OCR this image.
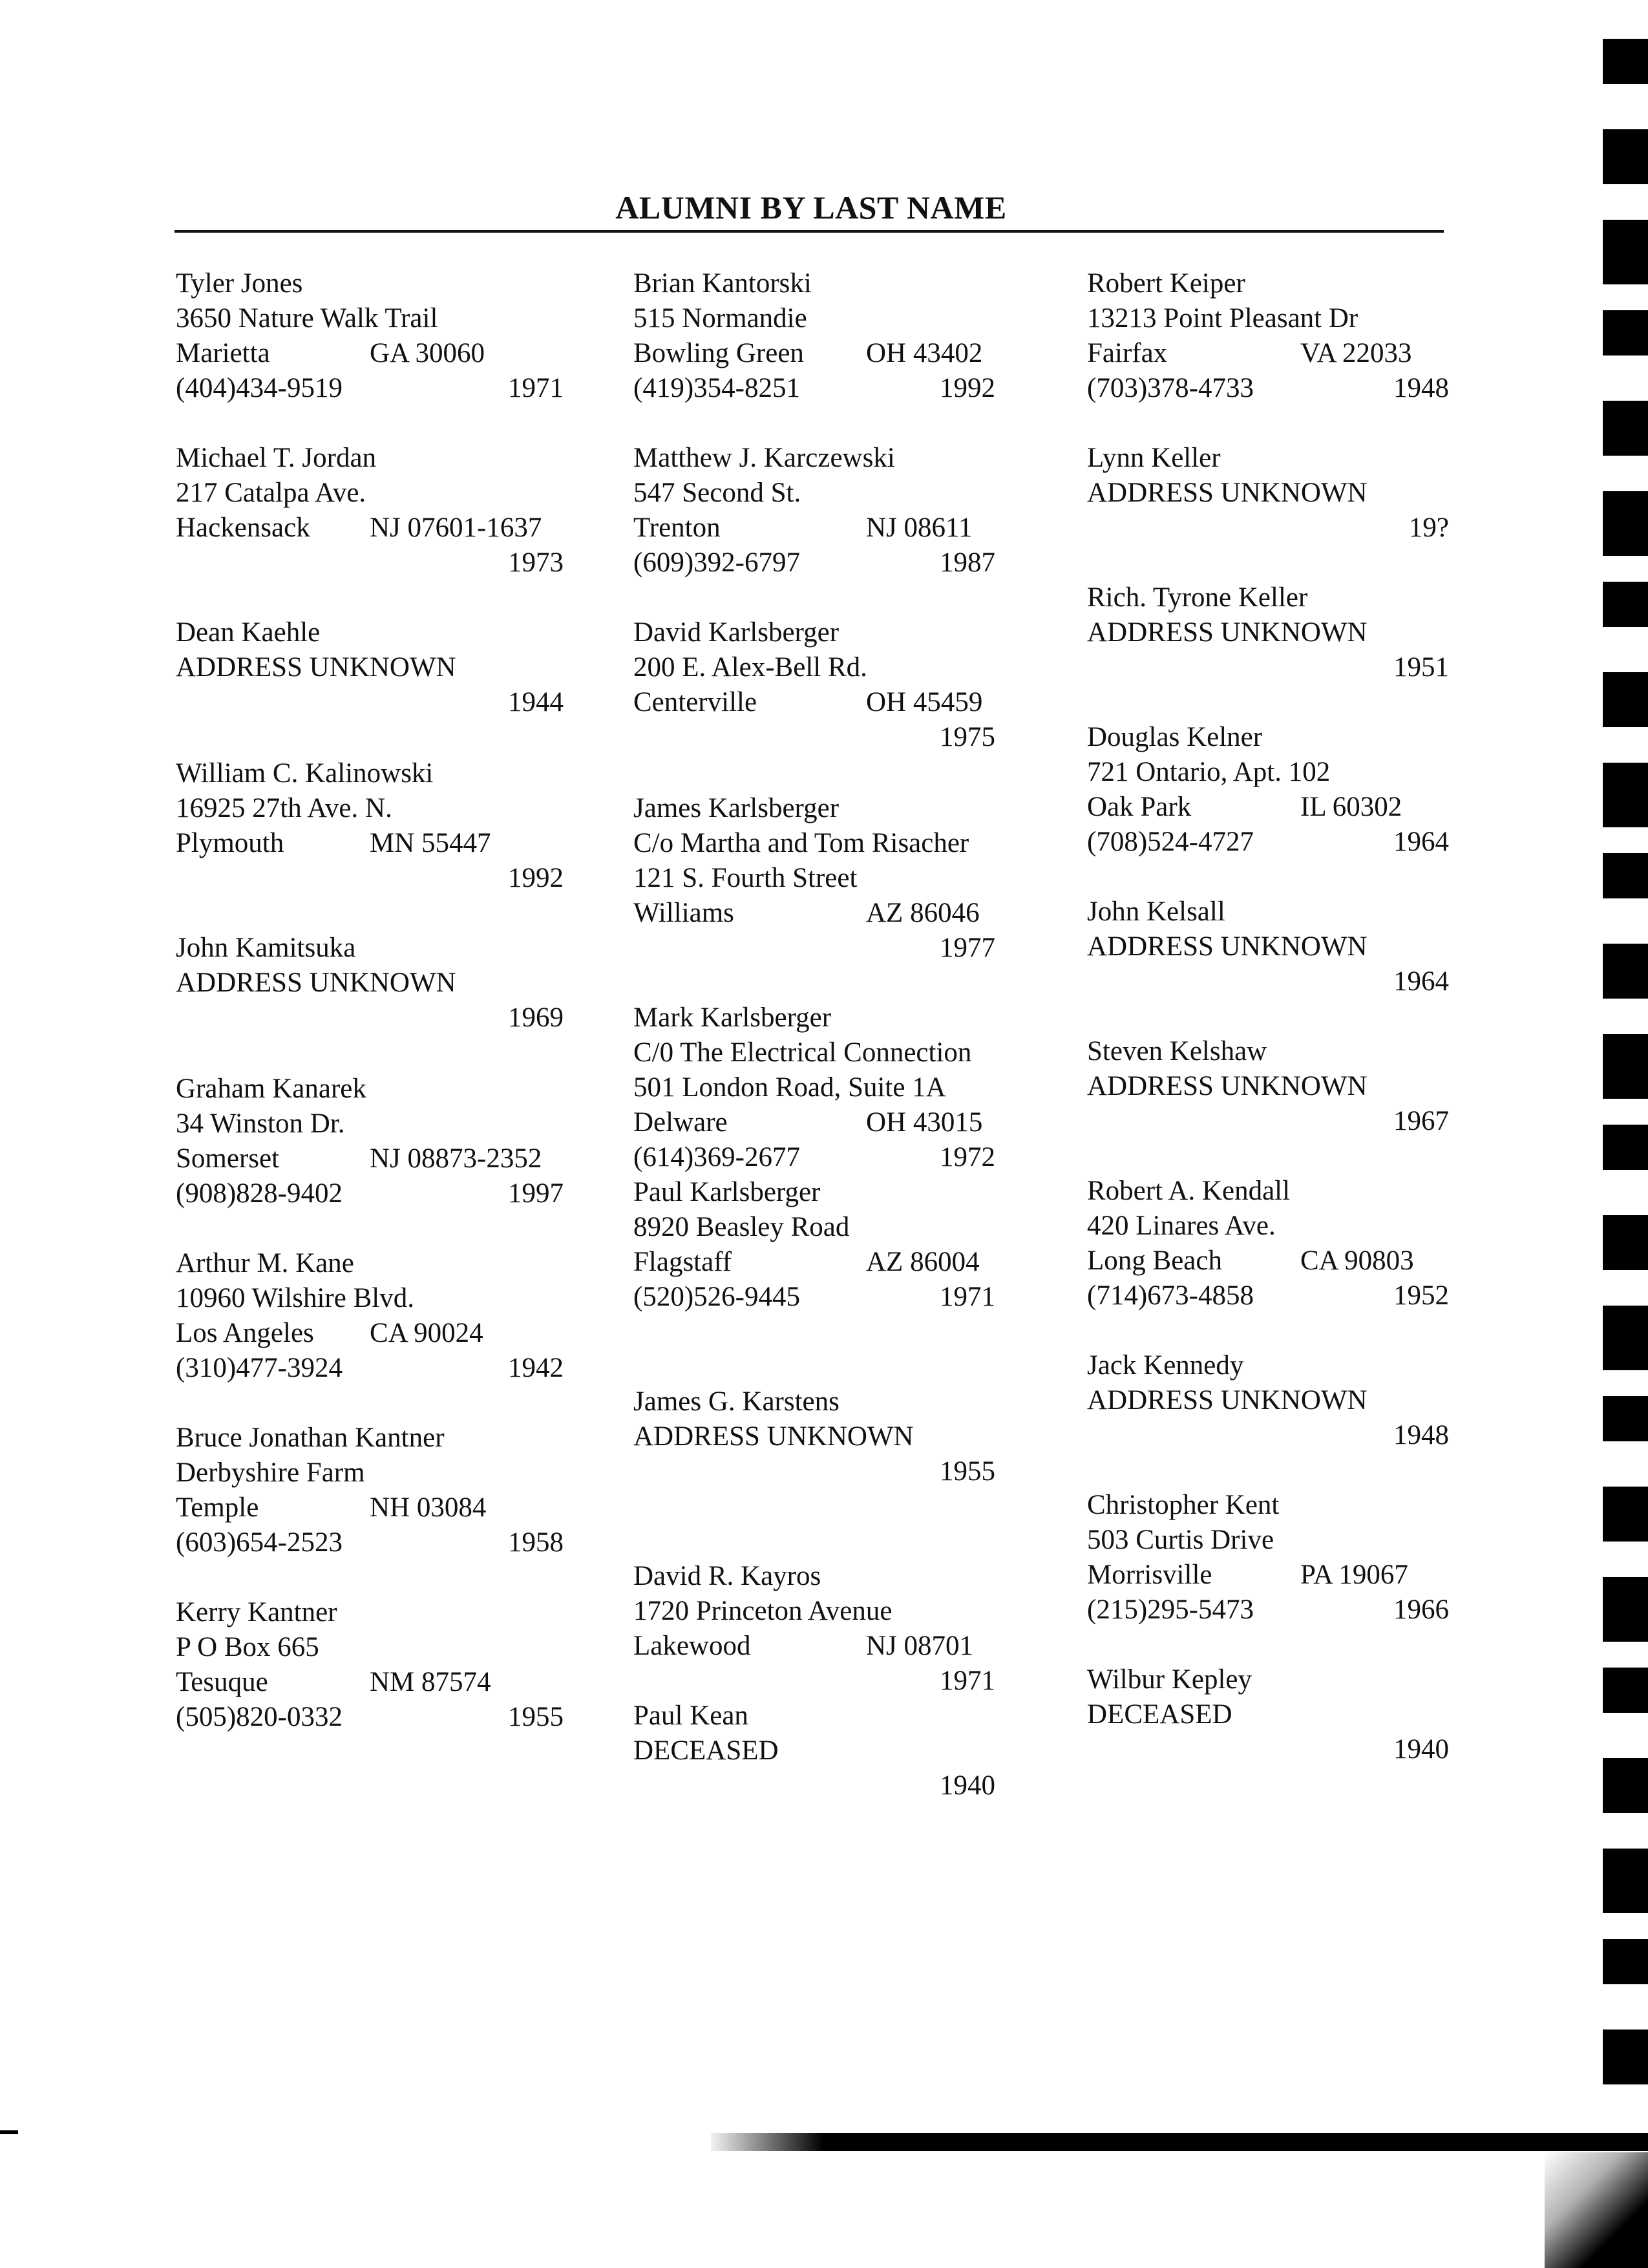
ALUMNI BY LAST NAME
Tyler Jones
3650 Nature Walk Trail
Marietta	GA 30060
(404)434-9519	1971
Michael T. Jordan
217 Catalpa Ave.
Hackensack NJ 07601-1637
1973
Dean Kaehle
ADDRESS UNKNOWN
1944
William C. Kalinowski
16925 27th Ave. N.
Plymouth	MN 55447
1992
John Kamitsuka
ADDRESS UNKNOWN
1969
Graham Kanarek
34 Winston Dr.
Somerset	NJ 08873-2352
(908)828-9402	1997
Arthur M. Kane
10960 Wilshire Blvd.
Los Angeles CA 90024
(310)477-3924	1942
Bruce Jonathan Kantner
Derbyshire Farm
Temple	NH 03084
(603)654-2523	1958
Kerry Kantner
P O Box 665
Tesuque	NM 87574
(505)820-0332	1955
Brian Kantorski
515 Normandie
Bowling Green OH 43402
(419)354-8251	1992
Matthew J. Karczewski
547 Second St.
Trenton	NJ 08611
(609)392-6797	1987
David Karlsberger
200 E. Alex-Bell Rd.
Centerville	OH 45459
1975
James Karlsberger
C/o Martha and Tom Risacher
121 S. Fourth Street
Williams	AZ 86046
1977
Mark Karlsberger
C/0 The Electrical Connection
501 London Road, Suite 1A
Delware	OH 43015
(614)369-2677	1972
Paul Karlsberger
8920 Beasley Road
Flagstaff	AZ 86004
(520)526-9445	1971
James G. Karstens
ADDRESS UNKNOWN
1955
David R. Kayros
1720 Princeton Avenue
Lakewood	NJ 08701
1971
Paul Kean
DECEASED
1940
Robert Keiper
13213 Point Pleasant Dr
Fairfax	VA 22033
(703)378-4733	1948
Lynn Keller
ADDRESS UNKNOWN
19?
Rich. Tyrone Keller
ADDRESS UNKNOWN
1951
Douglas Kelner
721 Ontario, Apt. 102
Oak Park	IL 60302
(708)524-4727	1964
John Kelsall
ADDRESS UNKNOWN
1964
Steven Kelshaw
ADDRESS UNKNOWN
1967
Robert A. Kendall
420 Linares Ave.
Long Beach	CA 90803
(714)673-4858	1952
Jack Kennedy
ADDRESS UNKNOWN
1948
Christopher Kent
503 Curtis Drive
Morrisville	PA 19067
(215)295-5473	1966
Wilbur Kepley
DECEASED
1940
